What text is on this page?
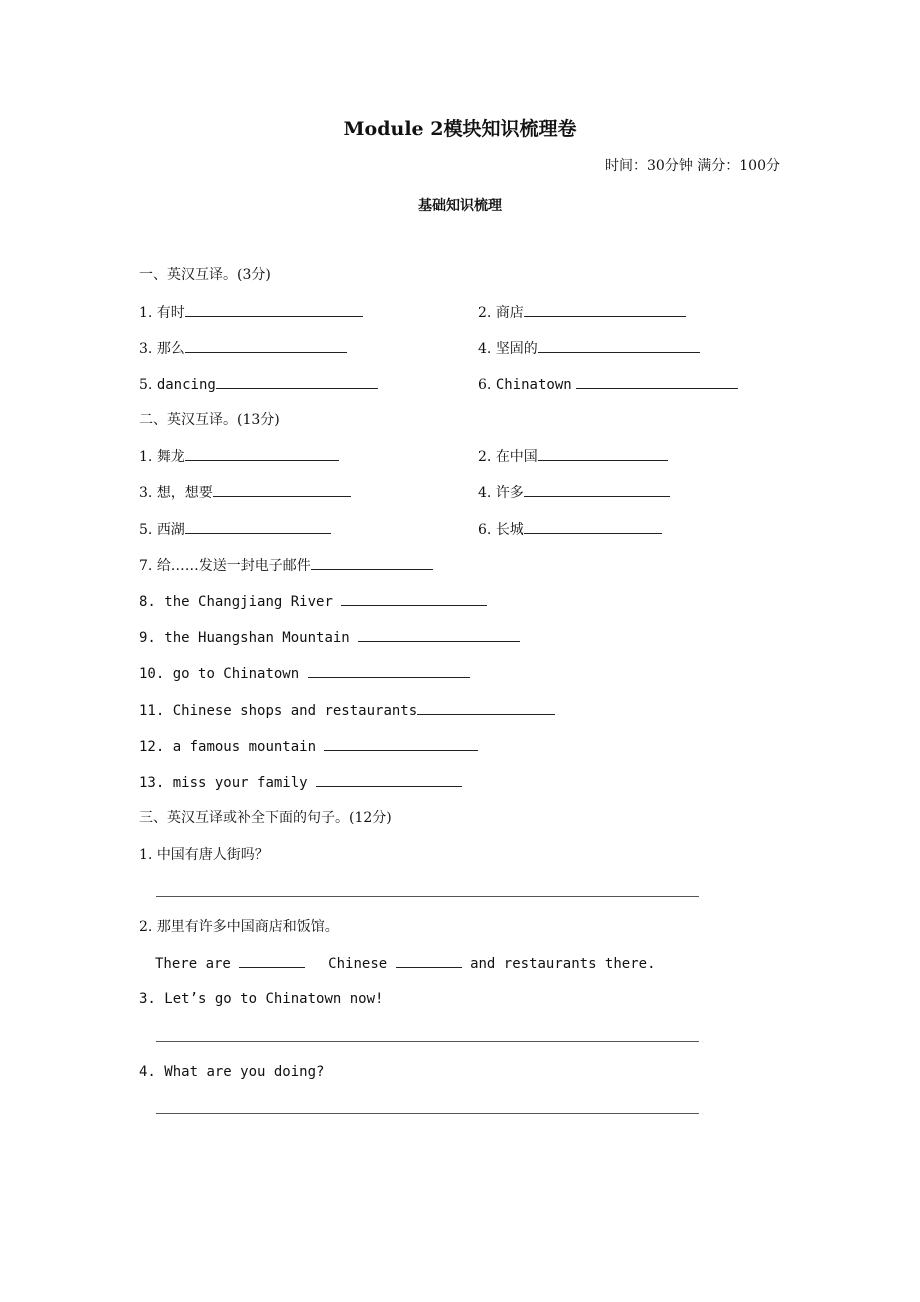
Module 2模块知识梳理卷
时间：30分钟 满分：100分
基础知识梳理
一、英汉互译。(3分)
1. 有时	2. 商店
3. 那么	4. 坚固的
5. dancing	6. Chinatown
二、英汉互译。(13分)
1. 舞龙	2. 在中国
3. 想，想要	4. 许多
5. 西湖	6. 长城
7. 给……发送一封电子邮件
8. the Changjiang River
9. the Huangshan Mountain
10. go to Chinatown
11. Chinese shops and restaurants
12. a famous mountain
13. miss your family
三、英汉互译或补全下面的句子。(12分)
1. 中国有唐人街吗？
2. 那里有许多中国商店和饭馆。
There are	Chinese	and restaurants there.
3. Let’s go to Chinatown now!
4. What are you doing?
